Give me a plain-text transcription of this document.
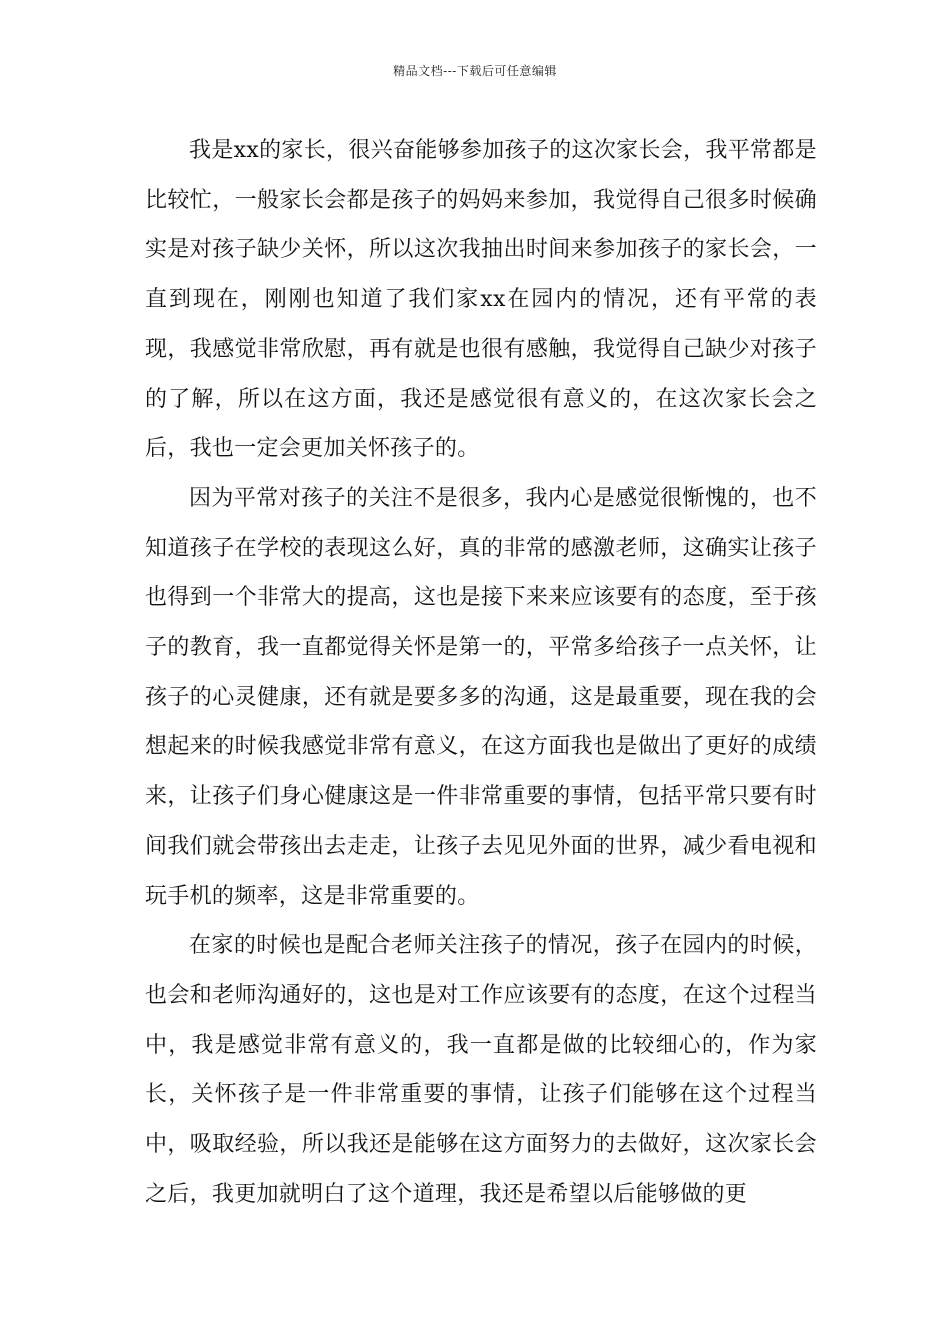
精品文档---下载后可任意编辑

我是xx的家长，很兴奋能够参加孩子的这次家长会，我平常都是比较忙，一般家长会都是孩子的妈妈来参加，我觉得自己很多时候确实是对孩子缺少关怀，所以这次我抽出时间来参加孩子的家长会，一直到现在，刚刚也知道了我们家xx在园内的情况，还有平常的表现，我感觉非常欣慰，再有就是也很有感触，我觉得自己缺少对孩子的了解，所以在这方面，我还是感觉很有意义的，在这次家长会之后，我也一定会更加关怀孩子的。

因为平常对孩子的关注不是很多，我内心是感觉很惭愧的，也不知道孩子在学校的表现这么好，真的非常的感激老师，这确实让孩子也得到一个非常大的提高，这也是接下来来应该要有的态度，至于孩子的教育，我一直都觉得关怀是第一的，平常多给孩子一点关怀，让孩子的心灵健康，还有就是要多多的沟通，这是最重要，现在我的会想起来的时候我感觉非常有意义，在这方面我也是做出了更好的成绩来，让孩子们身心健康这是一件非常重要的事情，包括平常只要有时间我们就会带孩出去走走，让孩子去见见外面的世界，减少看电视和玩手机的频率，这是非常重要的。

在家的时候也是配合老师关注孩子的情况，孩子在园内的时候，也会和老师沟通好的，这也是对工作应该要有的态度，在这个过程当中，我是感觉非常有意义的，我一直都是做的比较细心的，作为家长，关怀孩子是一件非常重要的事情，让孩子们能够在这个过程当中，吸取经验，所以我还是能够在这方面努力的去做好，这次家长会之后，我更加就明白了这个道理，我还是希望以后能够做的更
